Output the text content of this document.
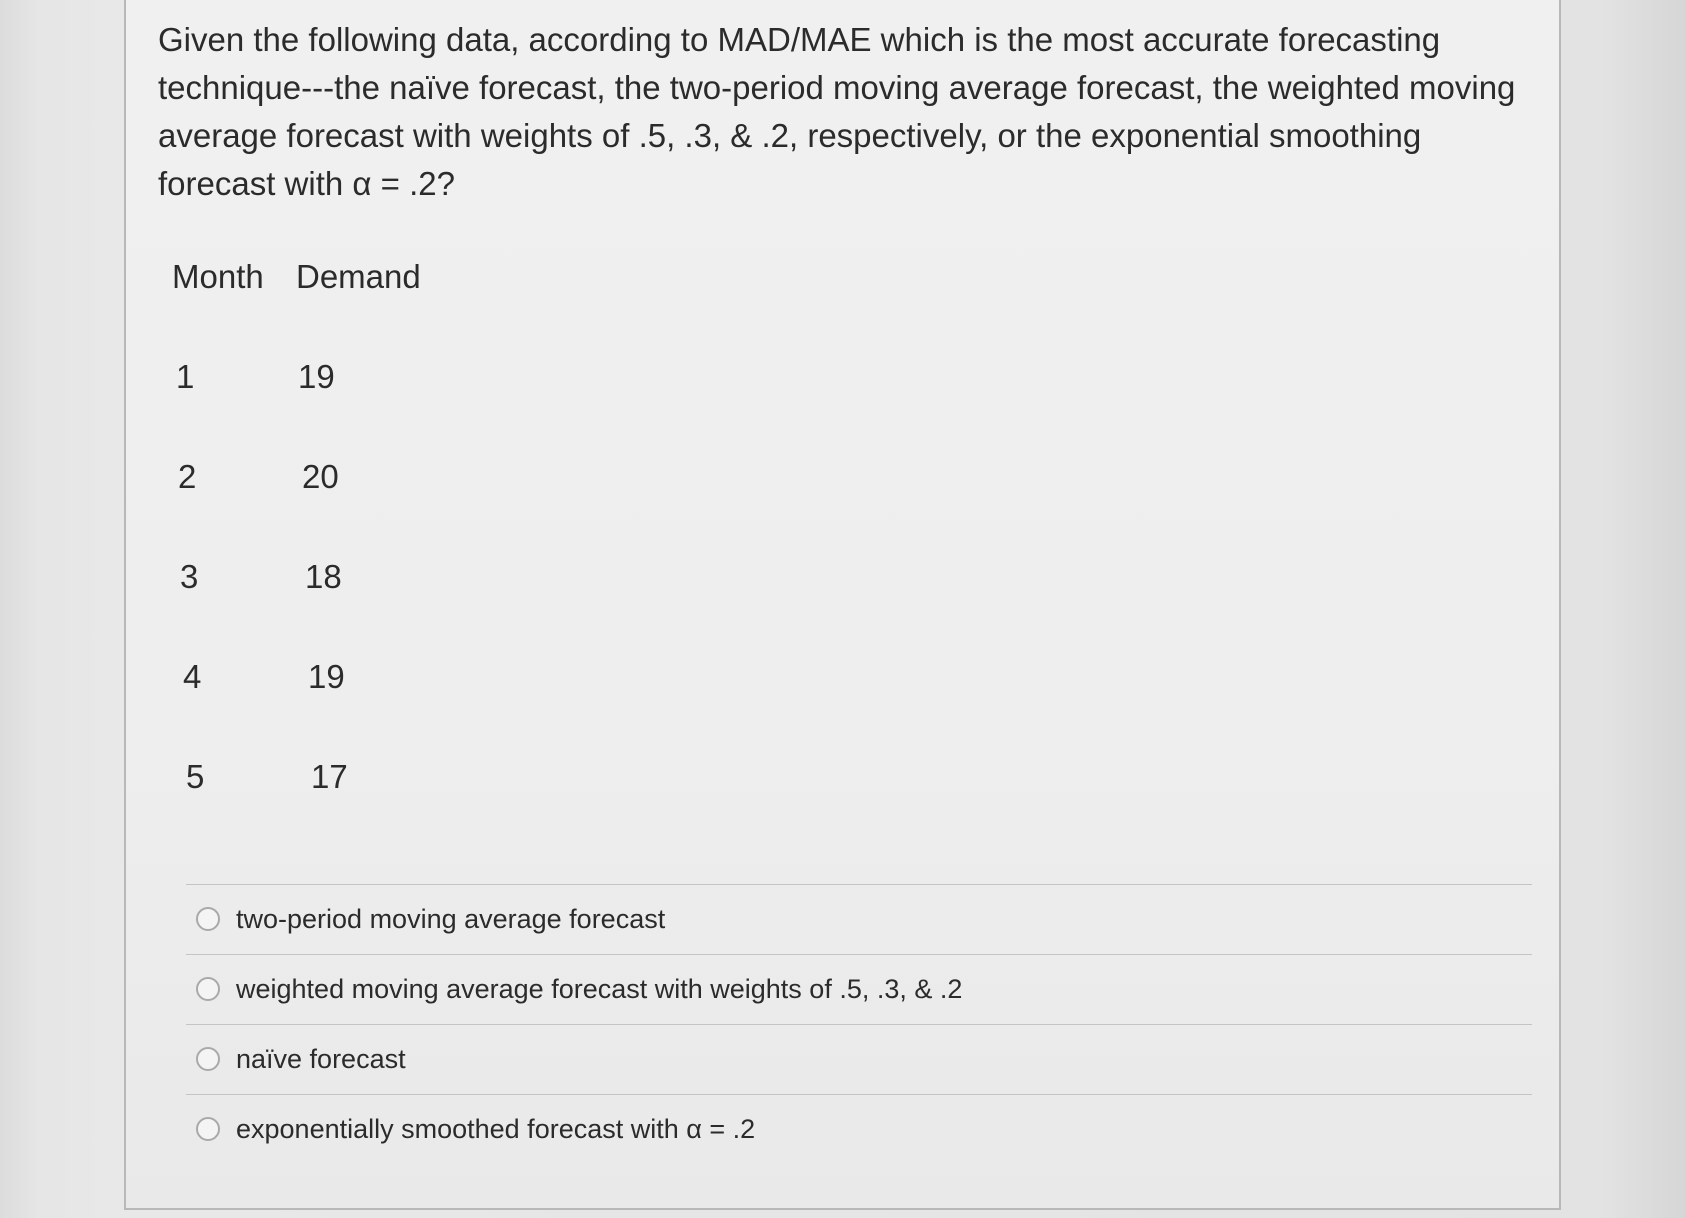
Given the following data, according to MAD/MAE which is the most accurate forecasting technique---the naïve forecast, the two-period moving average forecast, the weighted moving average forecast with weights of .5, .3, & .2, respectively, or the exponential smoothing forecast with α = .2?

Month Demand
1	19
2	20
3	18
4	19
5	17
two-period moving average forecast
weighted moving average forecast with weights of .5, .3, & .2
naïve forecast
exponentially smoothed forecast with α = .2
